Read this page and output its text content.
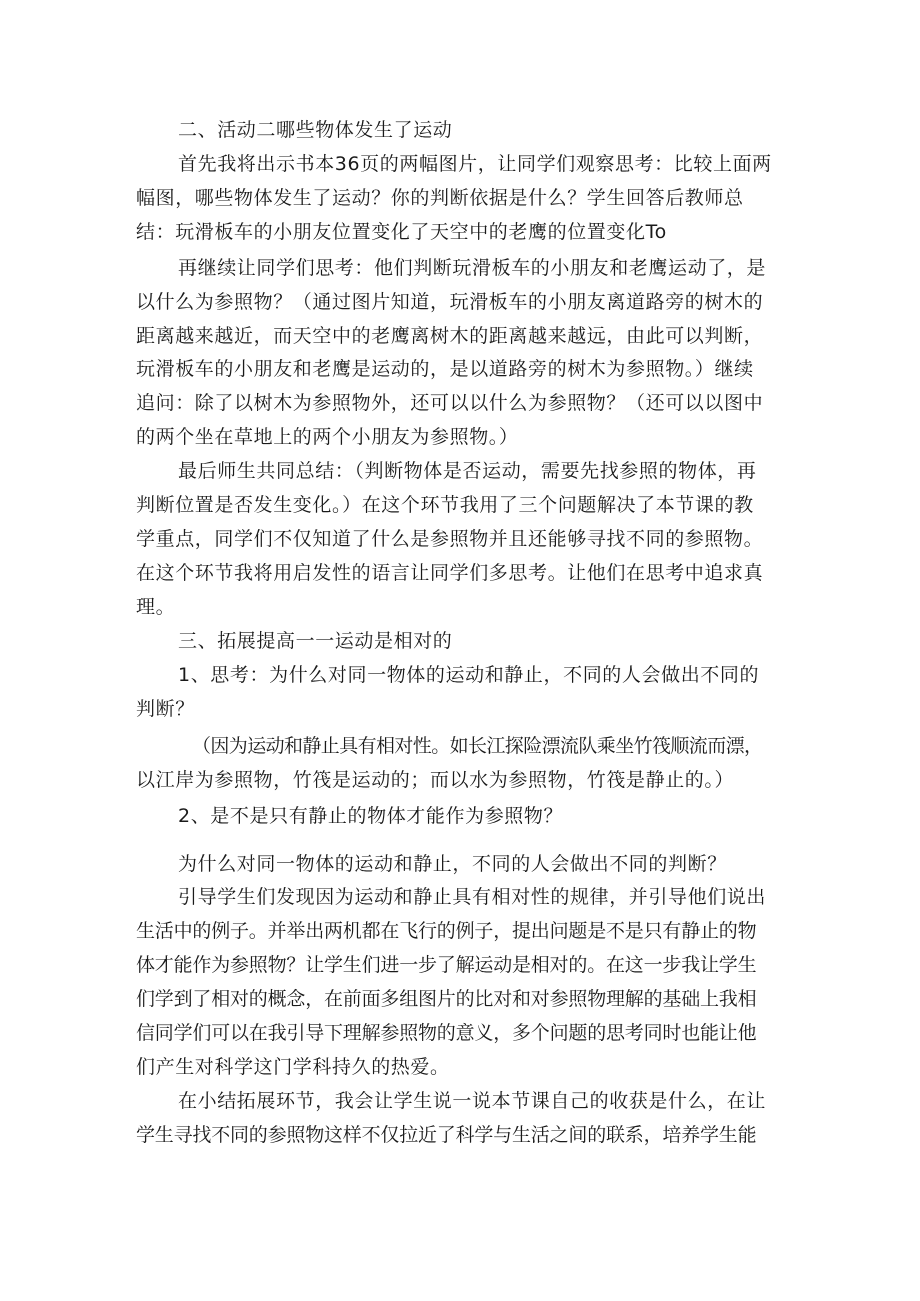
二、活动二哪些物体发生了运动
首先我将出示书本36页的两幅图片，让同学们观察思考：比较上面两
幅图，哪些物体发生了运动？你的判断依据是什么？学生回答后教师总
结：玩滑板车的小朋友位置变化了天空中的老鹰的位置变化To
再继续让同学们思考：他们判断玩滑板车的小朋友和老鹰运动了，是
以什么为参照物？（通过图片知道，玩滑板车的小朋友离道路旁的树木的
距离越来越近，而天空中的老鹰离树木的距离越来越远，由此可以判断，
玩滑板车的小朋友和老鹰是运动的，是以道路旁的树木为参照物。）继续
追问：除了以树木为参照物外，还可以以什么为参照物？（还可以以图中
的两个坐在草地上的两个小朋友为参照物。）
最后师生共同总结：（判断物体是否运动，需要先找参照的物体，再
判断位置是否发生变化。）在这个环节我用了三个问题解决了本节课的教
学重点，同学们不仅知道了什么是参照物并且还能够寻找不同的参照物。
在这个环节我将用启发性的语言让同学们多思考。让他们在思考中追求真
理。
三、拓展提高一一运动是相对的
1、思考：为什么对同一物体的运动和静止，不同的人会做出不同的
判断？
（因为运动和静止具有相对性。如长江探险漂流队乘坐竹筏顺流而漂，
以江岸为参照物，竹筏是运动的；而以水为参照物，竹筏是静止的。）
2、是不是只有静止的物体才能作为参照物？
为什么对同一物体的运动和静止，不同的人会做出不同的判断？
引导学生们发现因为运动和静止具有相对性的规律，并引导他们说出
生活中的例子。并举出两机都在飞行的例子，提出问题是不是只有静止的物
体才能作为参照物？让学生们进一步了解运动是相对的。在这一步我让学生
们学到了相对的概念，在前面多组图片的比对和对参照物理解的基础上我相
信同学们可以在我引导下理解参照物的意义，多个问题的思考同时也能让他
们产生对科学这门学科持久的热爱。
在小结拓展环节，我会让学生说一说本节课自己的收获是什么，在让
学生寻找不同的参照物这样不仅拉近了科学与生活之间的联系，培养学生能
